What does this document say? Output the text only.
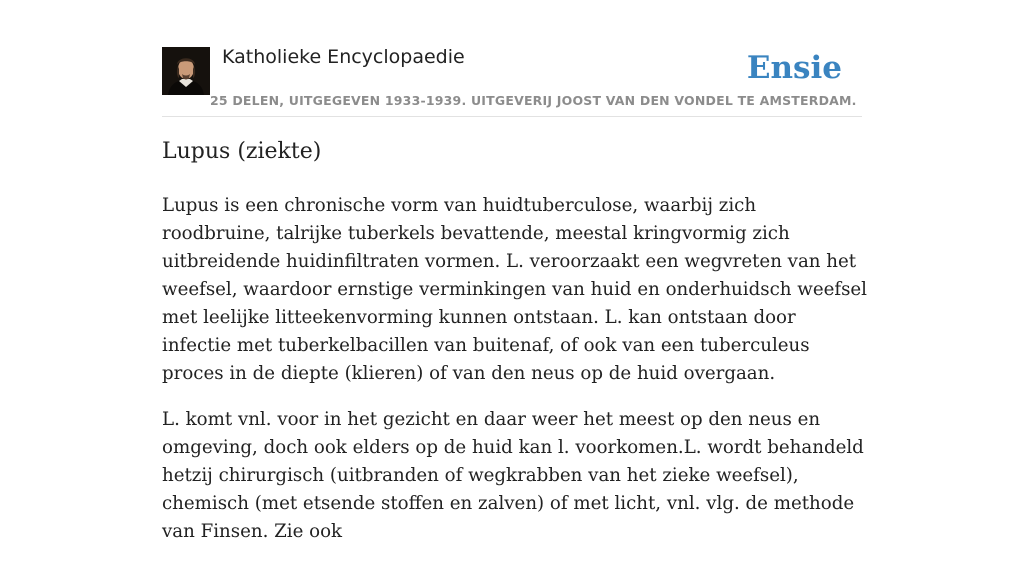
Katholieke Encyclopaedie
25 DELEN, UITGEGEVEN 1933-1939. UITGEVERIJ JOOST VAN DEN VONDEL TE AMSTERDAM.
Ensie
Lupus (ziekte)

Lupus is een chronische vorm van huidtuberculose, waarbij zich roodbruine, talrijke tuberkels bevattende, meestal kringvormig zich uitbreidende huidinfiltraten vormen. L. veroorzaakt een wegvreten van het weefsel, waardoor ernstige verminkingen van huid en onderhuidsch weefsel met leelijke litteekenvorming kunnen ontstaan. L. kan ontstaan door infectie met tuberkelbacillen van buitenaf, of ook van een tuberculeus proces in de diepte (klieren) of van den neus op de huid overgaan.

L. komt vnl. voor in het gezicht en daar weer het meest op den neus en omgeving, doch ook elders op de huid kan l. voorkomen.L. wordt behandeld hetzij chirurgisch (uitbranden of wegkrabben van het zieke weefsel), chemisch (met etsende stoffen en zalven) of met licht, vnl. vlg. de methode van Finsen. Zie ook
